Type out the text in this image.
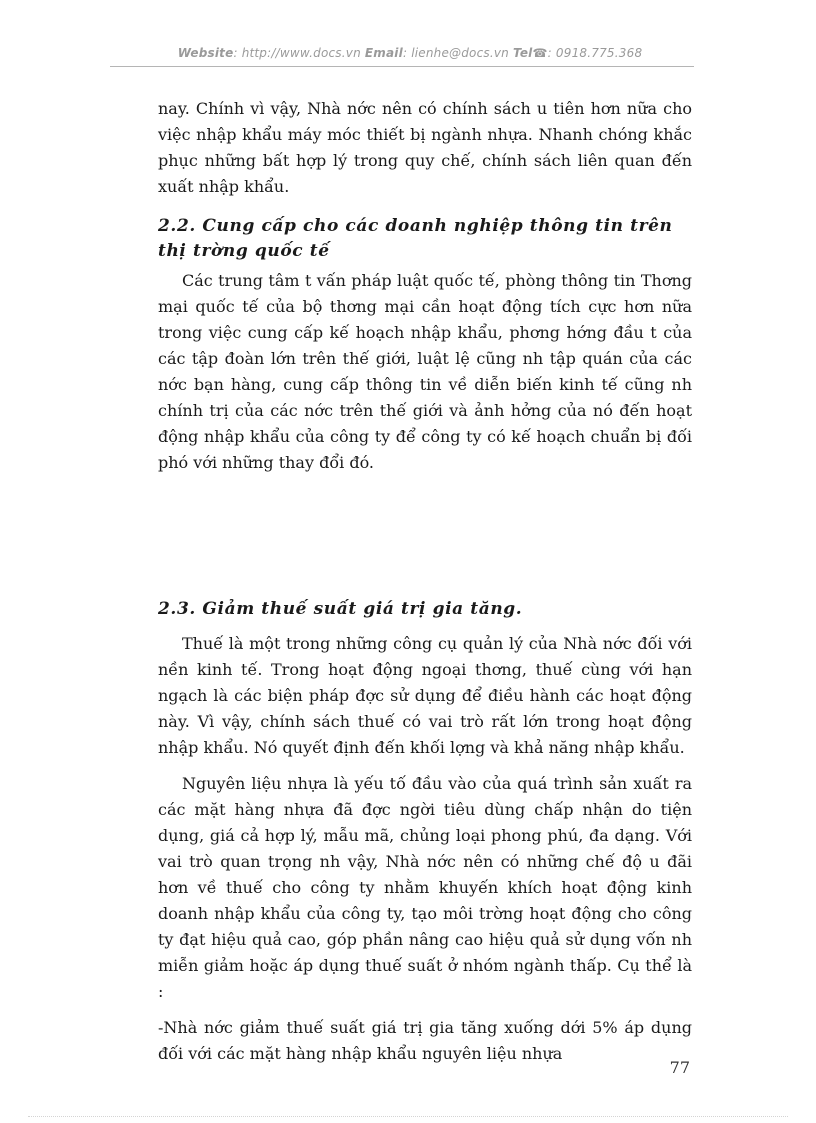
Website: http://www.docs.vn Email: lienhe@docs.vn Tel☎: 0918.775.368

nay. Chính vì vậy, Nhà nớc nên có chính sách u tiên hơn nữa cho việc nhập khẩu máy móc thiết bị ngành nhựa. Nhanh chóng khắc phục những bất hợp lý trong quy chế, chính sách liên quan đến xuất nhập khẩu.

2.2. Cung cấp cho các doanh nghiệp thông tin trên thị trờng quốc tế

Các trung tâm t vấn pháp luật quốc tế, phòng thông tin Thơng mại quốc tế của bộ thơng mại cần hoạt động tích cực hơn nữa trong việc cung cấp kế hoạch nhập khẩu, phơng hớng đầu t của các tập đoàn lớn trên thế giới, luật lệ cũng nh tập quán của các nớc bạn hàng, cung cấp thông tin về diễn biến kinh tế cũng nh chính trị của các nớc trên thế giới và ảnh hởng của nó đến hoạt động nhập khẩu của công ty để công ty có kế hoạch chuẩn bị đối phó với những thay đổi đó.

2.3. Giảm thuế suất giá trị gia tăng.

Thuế là một trong những công cụ quản lý của Nhà nớc đối với nền kinh tế. Trong hoạt động ngoại thơng, thuế cùng với hạn ngạch là các biện pháp đợc sử dụng để điều hành các hoạt động này. Vì vậy, chính sách thuế có vai trò rất lớn trong hoạt động nhập khẩu. Nó quyết định đến khối lợng và khả năng nhập khẩu.

Nguyên liệu nhựa là yếu tố đầu vào của quá trình sản xuất ra các mặt hàng nhựa đã đợc ngời tiêu dùng chấp nhận do tiện dụng, giá cả hợp lý, mẫu mã, chủng loại phong phú, đa dạng. Với vai trò quan trọng nh vậy, Nhà nớc nên có những chế độ u đãi hơn về thuế cho công ty nhằm khuyến khích hoạt động kinh doanh nhập khẩu của công ty, tạo môi trờng hoạt động cho công ty đạt hiệu quả cao, góp phần nâng cao hiệu quả sử dụng vốn nh miễn giảm hoặc áp dụng thuế suất ở nhóm ngành thấp. Cụ thể là :

-Nhà nớc giảm thuế suất giá trị gia tăng xuống dới 5% áp dụng đối với các mặt hàng nhập khẩu nguyên liệu nhựa

77
